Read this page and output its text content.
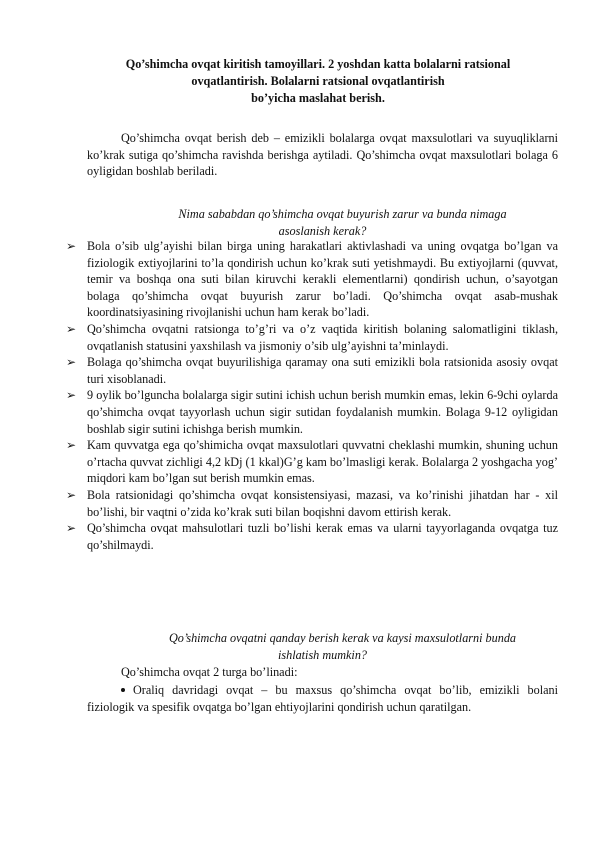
Qo’shimcha ovqat kiritish tamoyillari. 2 yoshdan katta bolalarni ratsional
ovqatlantirish. Bolalarni ratsional ovqatlantirish
bo’yicha maslahat berish.
Qo’shimcha ovqat berish deb – emizikli bolalarga ovqat maxsulotlari va suyuqliklarni ko’krak sutiga qo’shimcha ravishda berishga aytiladi. Qo’shimcha ovqat maxsulotlari bolaga 6 oyligidan boshlab beriladi.
Nima sababdan qo’shimcha ovqat buyurish zarur va bunda nimaga
asoslanish kerak?
➢ Bola o’sib ulg’ayishi bilan birga uning harakatlari aktivlashadi va uning ovqatga bo’lgan va fiziologik extiyojlarini to’la qondirish uchun ko’krak suti yetishmaydi. Bu extiyojlarni (quvvat, temir va boshqa ona suti bilan kiruvchi kerakli elementlarni) qondirish uchun, o’sayotgan bolaga qo’shimcha ovqat buyurish zarur bo’ladi. Qo’shimcha ovqat asab-mushak koordinatsiyasining rivojlanishi uchun ham kerak bo’ladi.
➢ Qo’shimcha ovqatni ratsionga to’g’ri va o’z vaqtida kiritish bolaning salomatligini tiklash, ovqatlanish statusini yaxshilash va jismoniy o’sib ulg’ayishni ta’minlaydi.
➢ Bolaga qo’shimcha ovqat buyurilishiga qaramay ona suti emizikli bola ratsionida asosiy ovqat turi xisoblanadi.
➢ 9 oylik bo’lguncha bolalarga sigir sutini ichish uchun berish mumkin emas, lekin 6-9chi oylarda qo’shimcha ovqat tayyorlash uchun sigir sutidan foydalanish mumkin. Bolaga 9-12 oyligidan boshlab sigir sutini ichishga berish mumkin.
➢ Kam quvvatga ega qo’shimicha ovqat maxsulotlari quvvatni cheklashi mumkin, shuning uchun o’rtacha quvvat zichligi 4,2 kDj (1 kkal)G’g kam bo’lmasligi kerak. Bolalarga 2 yoshgacha yog’ miqdori kam bo’lgan sut berish mumkin emas.
➢ Bola ratsionidagi qo’shimcha ovqat konsistensiyasi, mazasi, va ko’rinishi jihatdan har - xil bo’lishi, bir vaqtni o’zida ko’krak suti bilan boqishni davom ettirish kerak.
➢ Qo’shimcha ovqat mahsulotlari tuzli bo’lishi kerak emas va ularni tayyorlaganda ovqatga tuz qo’shilmaydi.
Qo’shimcha ovqatni qanday berish kerak va kaysi maxsulotlarni bunda
ishlatish mumkin?
Qo’shimcha ovqat 2 turga bo’linadi:
Oraliq davridagi ovqat – bu maxsus qo’shimcha ovqat bo’lib, emizikli bolani fiziologik va spesifik ovqatga bo’lgan ehtiyojlarini qondirish uchun qaratilgan.
